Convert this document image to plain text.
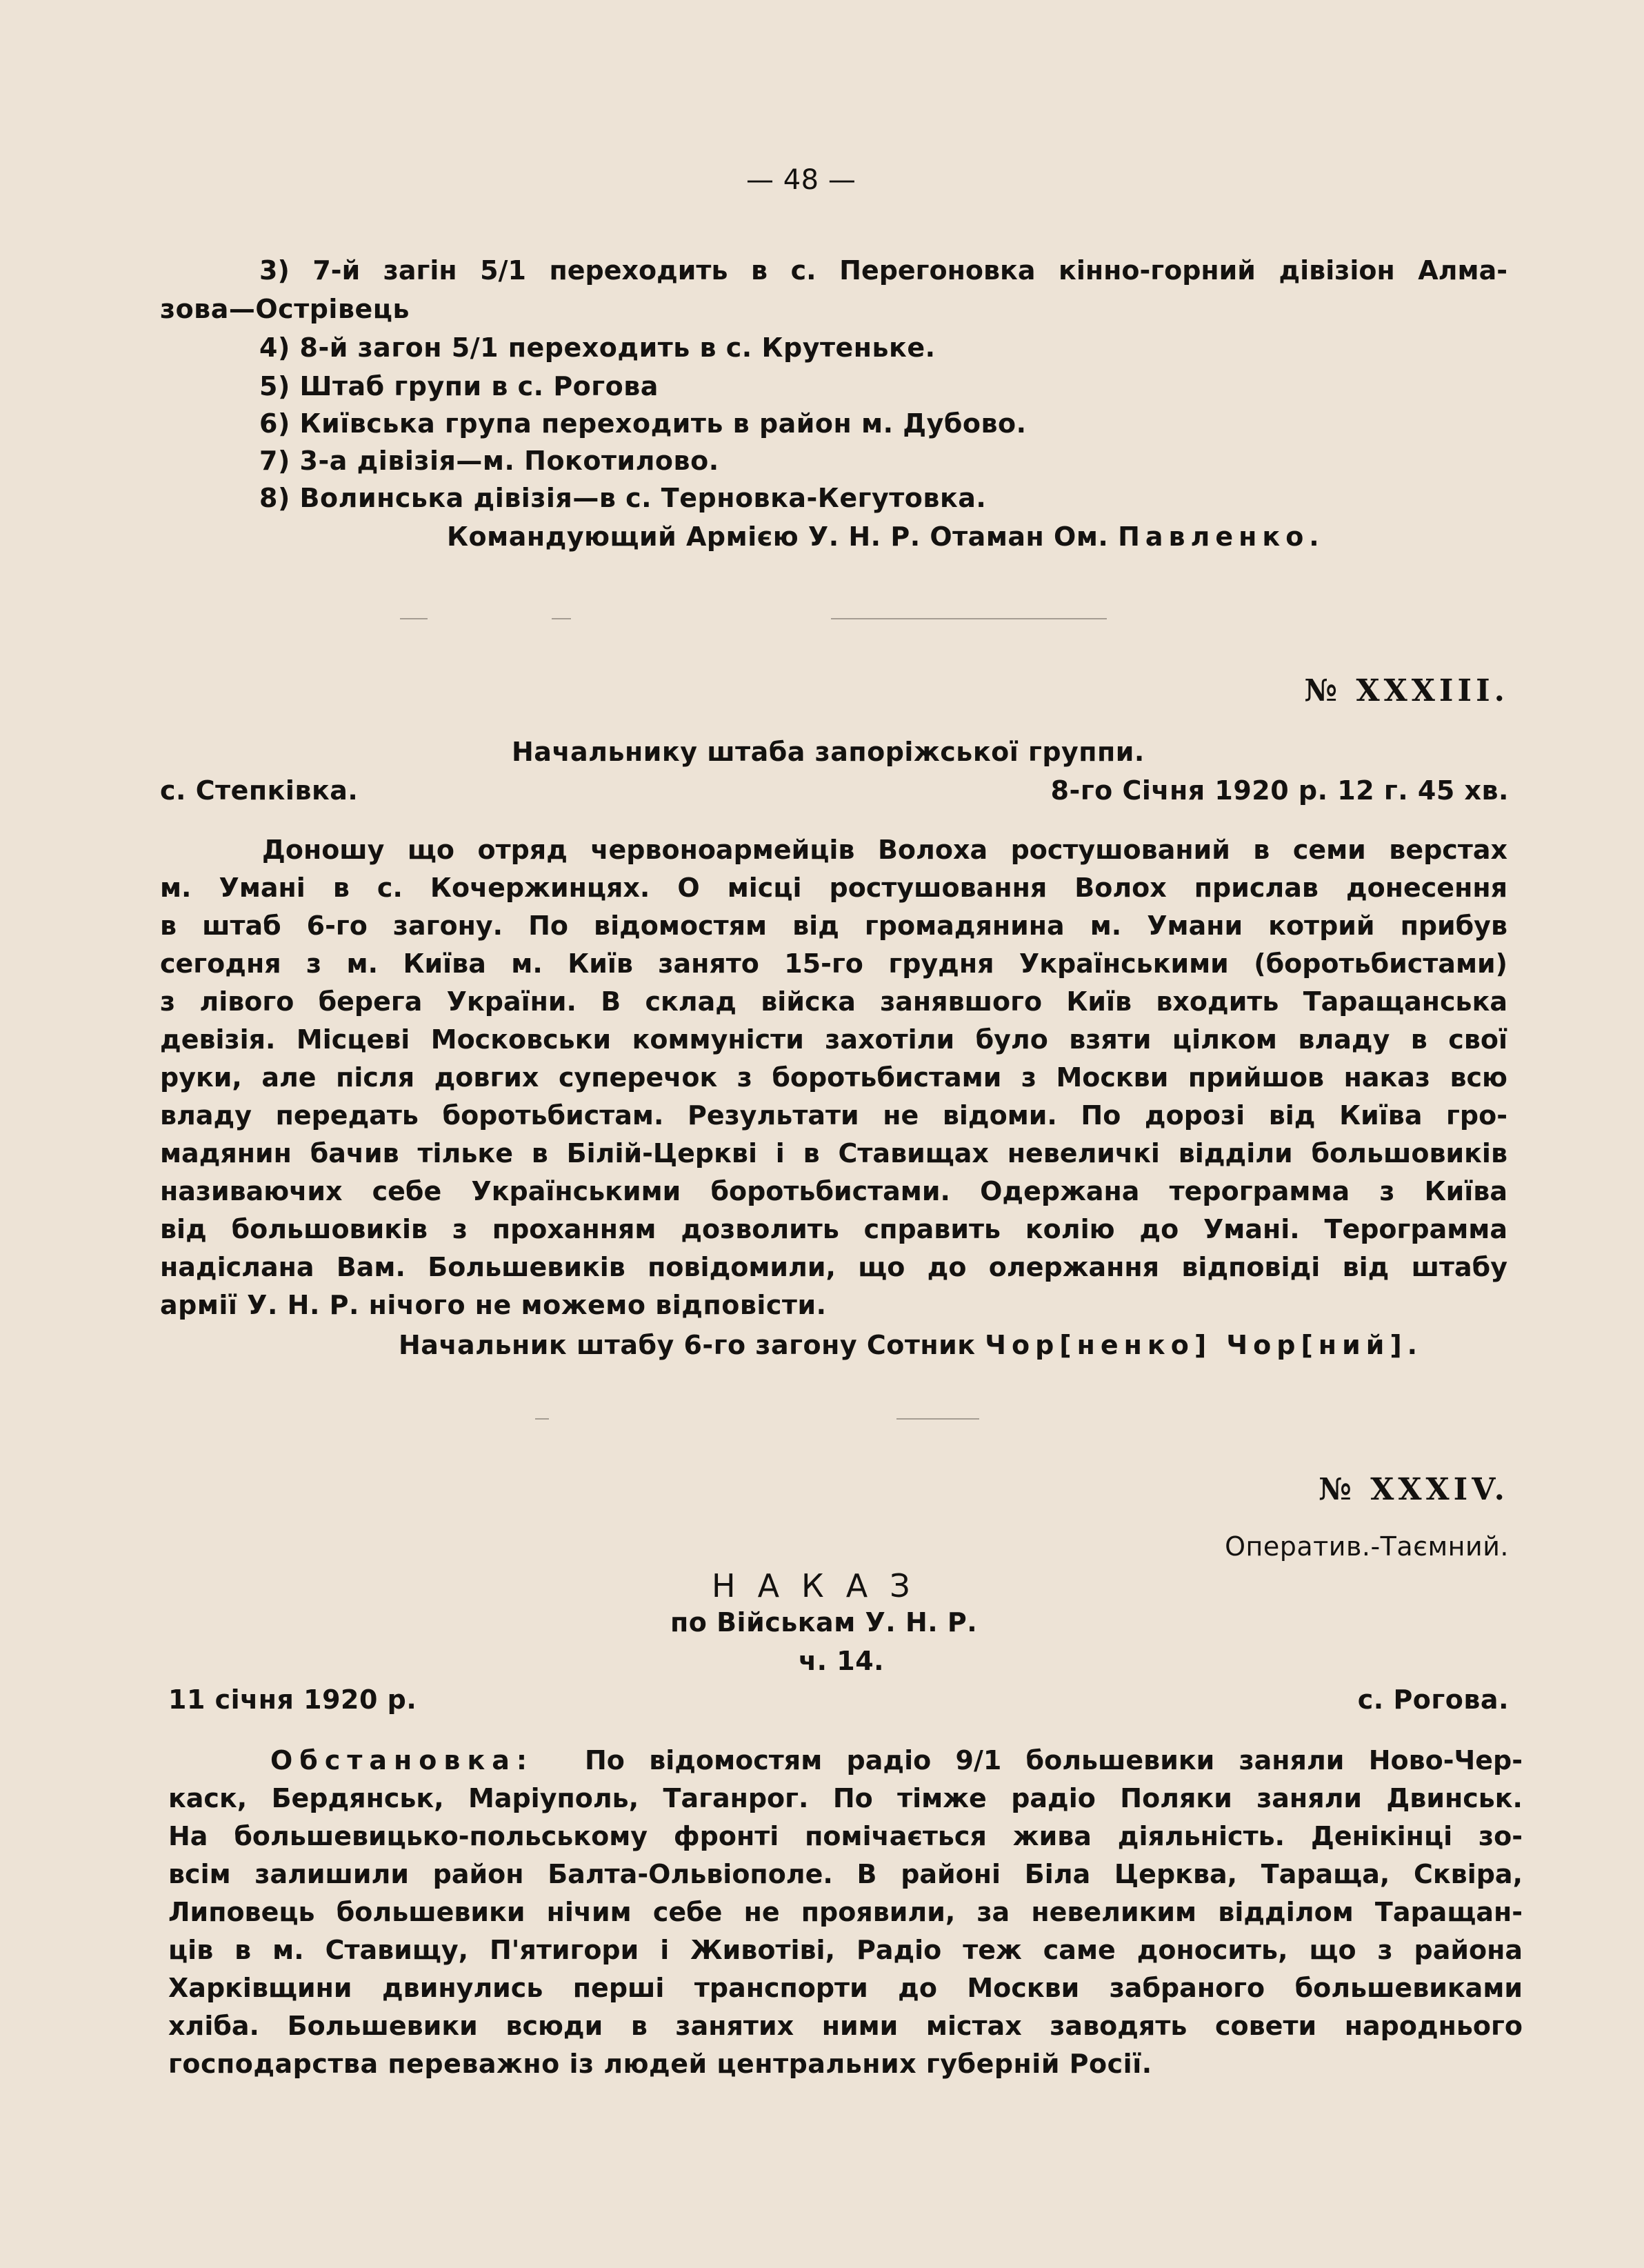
— 48 —
3) 7-й загін 5/1 переходить в с. Перегоновка кінно-горний дівізіон Алма-
зова—Острівець
4) 8-й загон 5/1 переходить в с. Крутеньке.
5) Штаб групи в с. Рогова
6) Київська група переходить в район м. Дубово.
7) 3-а дівізія—м. Покотилово.
8) Волинська дівізія—в с. Терновка-Кегутовка.
Командующий Армією У. Н. Р. Отаман Ом. Павленко.
№ XXXIII.
Начальнику штаба запоріжської группи.
с. Степківка.	8-го Січня 1920 р. 12 г. 45 хв.
Доношу що отряд червоноармейців Волоха ростушований в семи верстах
м. Умані в с. Кочержинцях. О місці ростушовання Волох прислав донесення
в штаб 6-го загону. По відомостям від громадянина м. Умани котрий прибув
сегодня з м. Київа м. Київ занято 15-го грудня Українськими (боротьбистами)
з лівого берега України. В склад війска занявшого Київ входить Таращанська
девізія. Місцеві Московськи коммуністи захотіли було взяти цілком владу в свої
руки, але після довгих суперечок з боротьбистами з Москви прийшов наказ всю
владу передать боротьбистам. Результати не відоми. По дорозі від Київа гро-
мадянин бачив тільке в Білій-Церкві і в Ставищах невеличкі відділи большовиків
називаючих себе Українськими боротьбистами. Одержана терограмма з Київа
від большовиків з проханням дозволить справить колію до Умані. Терограмма
надіслана Вам. Большевиків повідомили, що до олержання відповіді від штабу
армії У. Н. Р. нічого не можемо відповісти.
Начальник штабу 6-го загону Сотник Чор[ненко] Чор[ний].
№ XXXIV.
Оператив.-Таємний.
НАКАЗ
по Військам У. Н. Р.
ч. 14.
11 січня 1920 р.	с. Рогова.
Обстановка: По відомостям радіо 9/1 большевики заняли Ново-Чер-
каск, Бердянськ, Маріуполь, Таганрог. По тімже радіо Поляки заняли Двинськ.
На большевицько-польському фронті помічається жива діяльність. Денікінці зо-
всім залишили район Балта-Ольвіополе. В районі Біла Церква, Тараща, Сквіра,
Липовець большевики нічим себе не проявили, за невеликим відділом Таращан-
ців в м. Ставищу, П'ятигори і Животіві, Радіо теж саме доносить, що з района
Харківщини двинулись перші транспорти до Москви забраного большевиками
хліба. Большевики всюди в занятих ними містах заводять совети народнього
господарства переважно із людей центральних губерній Росії.
